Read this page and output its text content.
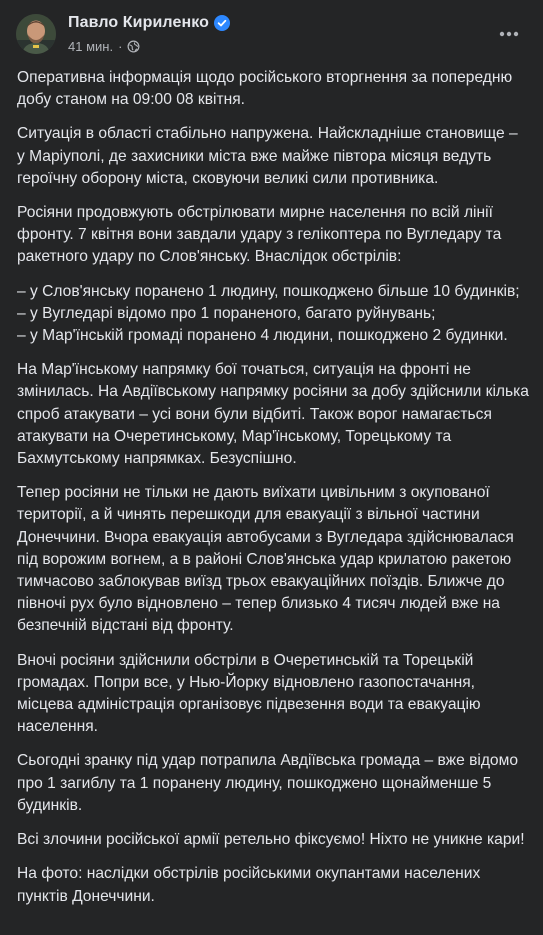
Павло Кириленко
41 мин. ·

Оперативна інформація щодо російського вторгнення за попередню добу станом на 09:00 08 квітня.

Ситуація в області стабільно напружена. Найскладніше становище – у Маріуполі, де захисники міста вже майже півтора місяця ведуть героїчну оборону міста, сковуючи великі сили противника.

Росіяни продовжують обстрілювати мирне населення по всій лінії фронту. 7 квітня вони завдали удару з гелікоптера по Вугледару та ракетного удару по Слов'янську. Внаслідок обстрілів:

– у Слов'янську поранено 1 людину, пошкоджено більше 10 будинків;
– у Вугледарі відомо про 1 пораненого, багато руйнувань;
– у Мар'їнській громаді поранено 4 людини, пошкоджено 2 будинки.

На Мар'їнському напрямку бої точаться, ситуація на фронті не змінилась. На Авдіївському напрямку росіяни за добу здійснили кілька спроб атакувати – усі вони були відбиті. Також ворог намагається атакувати на Очеретинському, Мар'їнському, Торецькому та Бахмутському напрямках. Безуспішно.

Тепер росіяни не тільки не дають виїхати цивільним з окупованої території, а й чинять перешкоди для евакуації з вільної частини Донеччини. Вчора евакуація автобусами з Вугледара здійснювалася під ворожим вогнем, а в районі Слов'янська удар крилатою ракетою тимчасово заблокував виїзд трьох евакуаційних поїздів. Ближче до півночі рух було відновлено – тепер близько 4 тисяч людей вже на безпечній відстані від фронту.

Вночі росіяни здійснили обстріли в Очеретинській та Торецькій громадах. Попри все, у Нью-Йорку відновлено газопостачання, місцева адміністрація організовує підвезення води та евакуацію населення.

Сьогодні зранку під удар потрапила Авдіївська громада – вже відомо про 1 загиблу та 1 поранену людину, пошкоджено щонайменше 5 будинків.

Всі злочини російської армії ретельно фіксуємо! Ніхто не уникне кари!

На фото: наслідки обстрілів російськими окупантами населених пунктів Донеччини.
